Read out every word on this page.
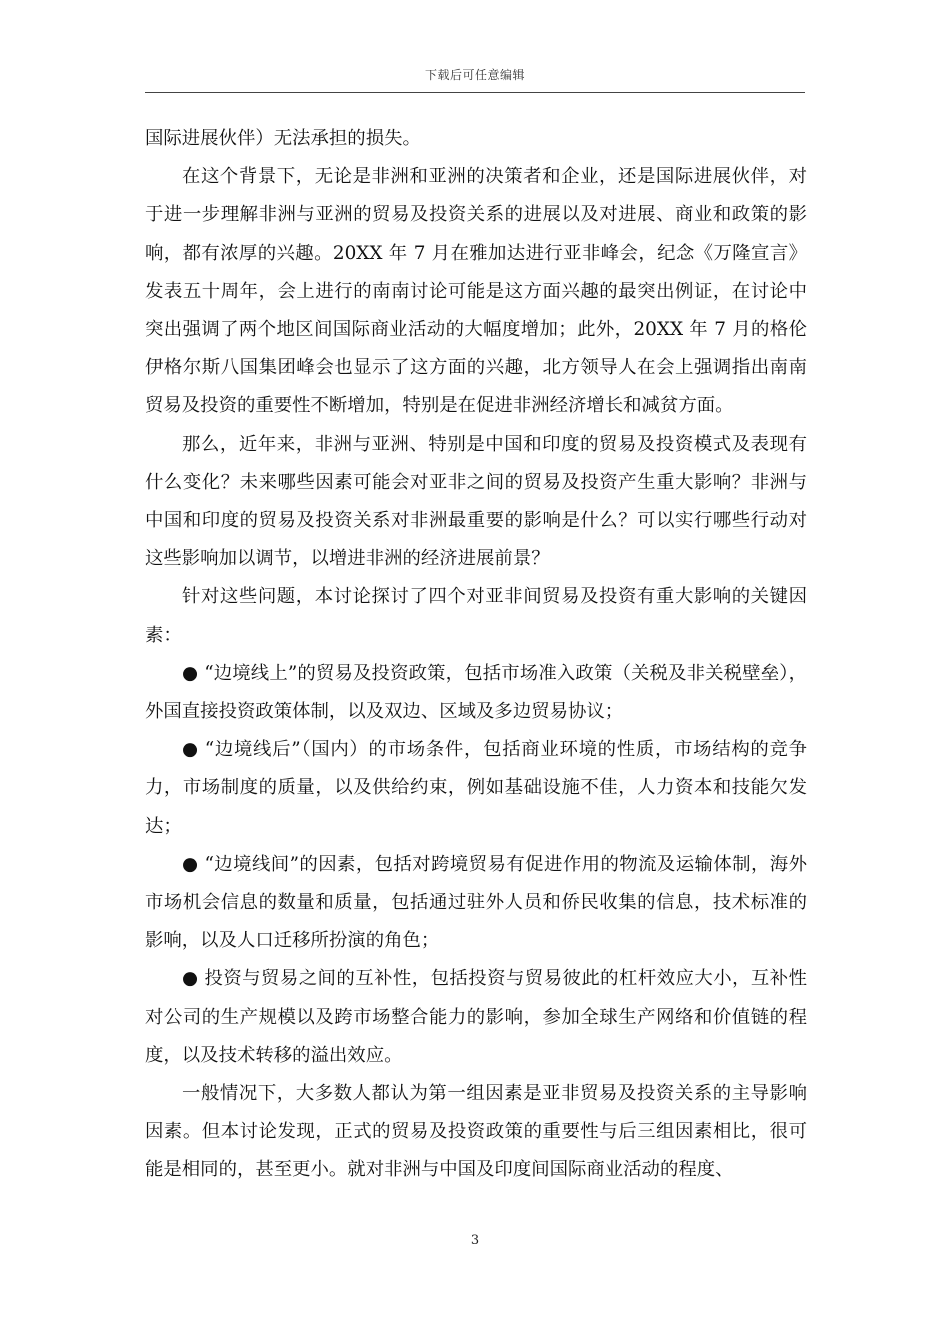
下载后可任意编辑

国际进展伙伴）无法承担的损失。

在这个背景下，无论是非洲和亚洲的决策者和企业，还是国际进展伙伴，对于进一步理解非洲与亚洲的贸易及投资关系的进展以及对进展、商业和政策的影响，都有浓厚的兴趣。20XX 年 7 月在雅加达进行亚非峰会，纪念《万隆宣言》发表五十周年，会上进行的南南讨论可能是这方面兴趣的最突出例证，在讨论中突出强调了两个地区间国际商业活动的大幅度增加；此外，20XX 年 7 月的格伦伊格尔斯八国集团峰会也显示了这方面的兴趣，北方领导人在会上强调指出南南贸易及投资的重要性不断增加，特别是在促进非洲经济增长和减贫方面。

那么，近年来，非洲与亚洲、特别是中国和印度的贸易及投资模式及表现有什么变化？未来哪些因素可能会对亚非之间的贸易及投资产生重大影响？非洲与中国和印度的贸易及投资关系对非洲最重要的影响是什么？可以实行哪些行动对这些影响加以调节，以增进非洲的经济进展前景？

针对这些问题，本讨论探讨了四个对亚非间贸易及投资有重大影响的关键因素：

● “边境线上”的贸易及投资政策，包括市场准入政策（关税及非关税壁垒），外国直接投资政策体制，以及双边、区域及多边贸易协议；

● “边境线后”（国内）的市场条件，包括商业环境的性质，市场结构的竞争力，市场制度的质量，以及供给约束，例如基础设施不佳，人力资本和技能欠发达；

● “边境线间”的因素，包括对跨境贸易有促进作用的物流及运输体制，海外市场机会信息的数量和质量，包括通过驻外人员和侨民收集的信息，技术标准的影响，以及人口迁移所扮演的角色；

● 投资与贸易之间的互补性，包括投资与贸易彼此的杠杆效应大小，互补性对公司的生产规模以及跨市场整合能力的影响，参加全球生产网络和价值链的程度，以及技术转移的溢出效应。

一般情况下，大多数人都认为第一组因素是亚非贸易及投资关系的主导影响因素。但本讨论发现，正式的贸易及投资政策的重要性与后三组因素相比，很可能是相同的，甚至更小。就对非洲与中国及印度间国际商业活动的程度、

3
